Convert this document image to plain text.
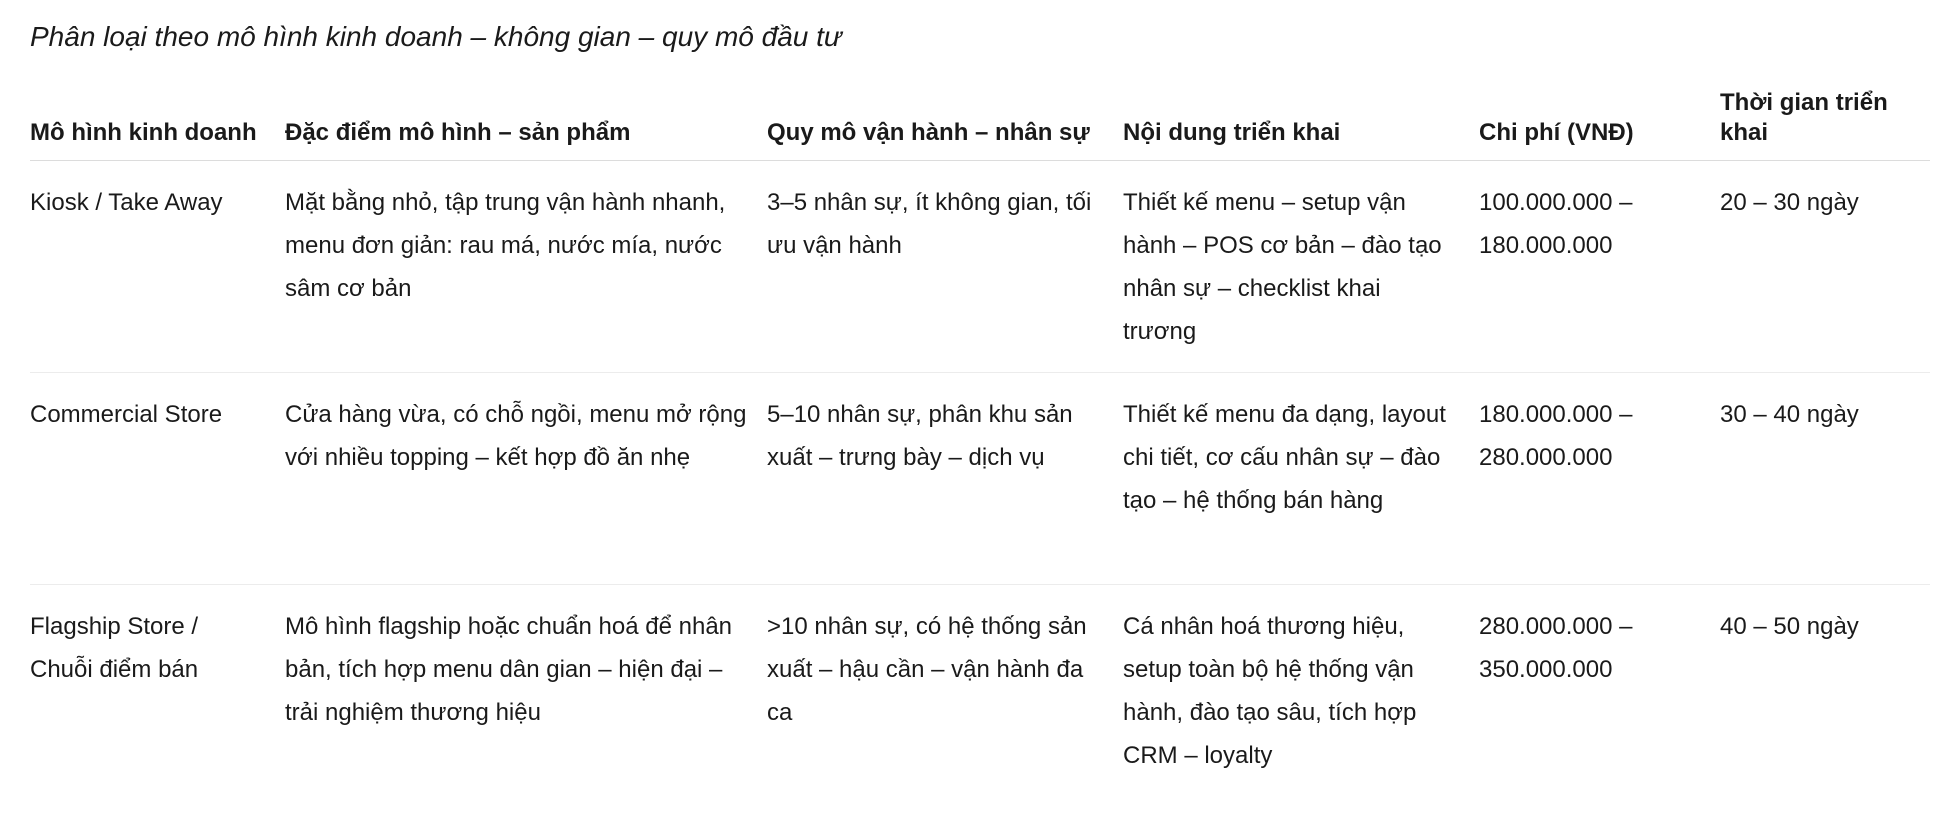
Phân loại theo mô hình kinh doanh – không gian – quy mô đầu tư
Mô hình kinh doanh	Đặc điểm mô hình – sản phẩm	Quy mô vận hành – nhân sự	Nội dung triển khai	Chi phí (VNĐ)	Thời gian triển khai
Kiosk / Take Away	Mặt bằng nhỏ, tập trung vận hành nhanh, menu đơn giản: rau má, nước mía, nước sâm cơ bản	3–5 nhân sự, ít không gian, tối ưu vận hành	Thiết kế menu – setup vận hành – POS cơ bản – đào tạo nhân sự – checklist khai trương	100.000.000 – 180.000.000	20 – 30 ngày
Commercial Store	Cửa hàng vừa, có chỗ ngồi, menu mở rộng với nhiều topping – kết hợp đồ ăn nhẹ	5–10 nhân sự, phân khu sản xuất – trưng bày – dịch vụ	Thiết kế menu đa dạng, layout chi tiết, cơ cấu nhân sự – đào tạo – hệ thống bán hàng	180.000.000 – 280.000.000	30 – 40 ngày
Flagship Store / Chuỗi điểm bán	Mô hình flagship hoặc chuẩn hoá để nhân bản, tích hợp menu dân gian – hiện đại – trải nghiệm thương hiệu	>10 nhân sự, có hệ thống sản xuất – hậu cần – vận hành đa ca	Cá nhân hoá thương hiệu, setup toàn bộ hệ thống vận hành, đào tạo sâu, tích hợp CRM – loyalty	280.000.000 – 350.000.000	40 – 50 ngày
